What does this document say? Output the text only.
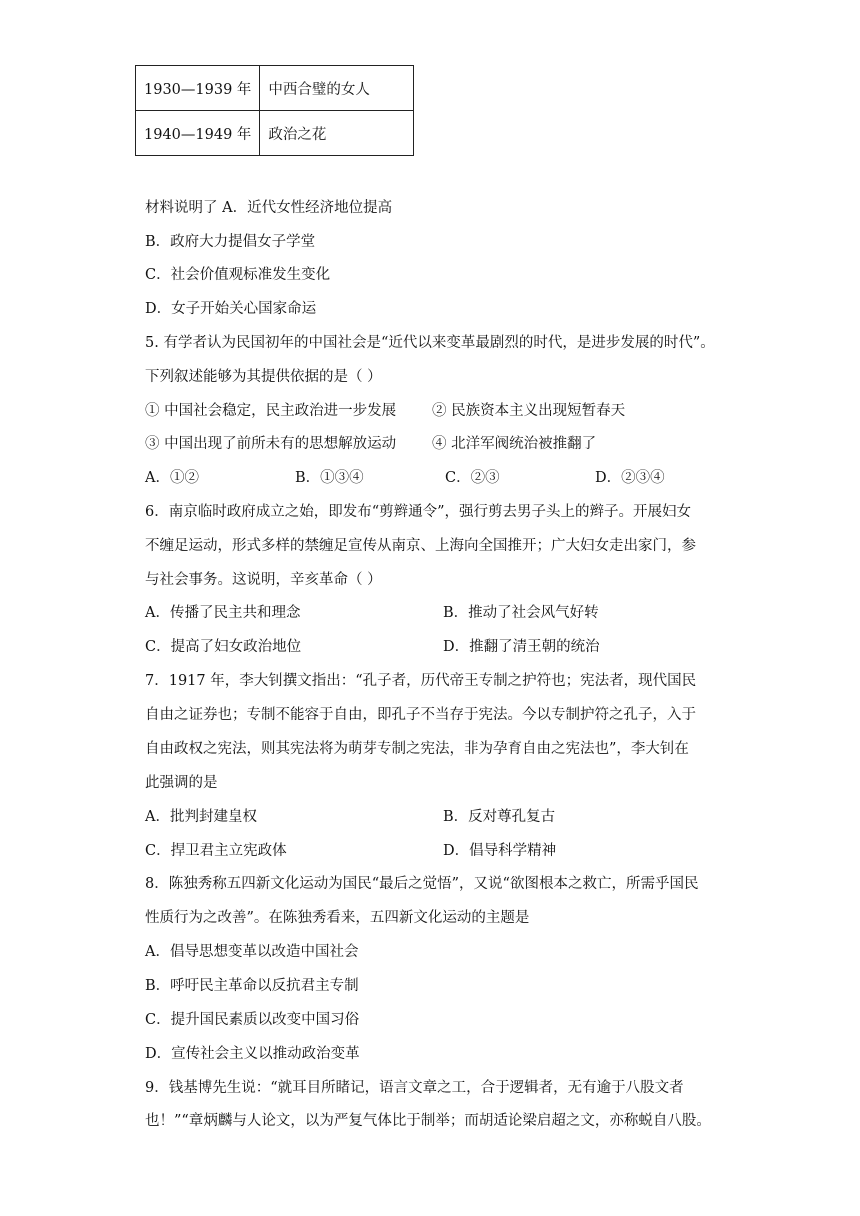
1930—1939 年	中西合璧的女人
1940—1949 年	政治之花
材料说明了 A．近代女性经济地位提高
B．政府大力提倡女子学堂
C．社会价值观标准发生变化
D．女子开始关心国家命运
5. 有学者认为民国初年的中国社会是“近代以来变革最剧烈的时代，是进步发展的时代”。
下列叙述能够为其提供依据的是（ ）
① 中国社会稳定，民主政治进一步发展 ② 民族资本主义出现短暂春天
③ 中国出现了前所未有的思想解放运动 ④ 北洋军阀统治被推翻了
A．①②	B．①③④	C．②③	D．②③④
6．南京临时政府成立之始，即发布“剪辫通令”，强行剪去男子头上的辫子。开展妇女
不缠足运动，形式多样的禁缠足宣传从南京、上海向全国推开；广大妇女走出家门，参
与社会事务。这说明，辛亥革命（ ）
A．传播了民主共和理念	B．推动了社会风气好转
C．提高了妇女政治地位	D．推翻了清王朝的统治
7．1917 年，李大钊撰文指出：“孔子者，历代帝王专制之护符也；宪法者，现代国民
自由之证券也；专制不能容于自由，即孔子不当存于宪法。今以专制护符之孔子，入于
自由政权之宪法，则其宪法将为萌芽专制之宪法，非为孕育自由之宪法也”，李大钊在
此强调的是
A．批判封建皇权	B．反对尊孔复古
C．捍卫君主立宪政体	D．倡导科学精神
8．陈独秀称五四新文化运动为国民“最后之觉悟”，又说“欲图根本之救亡，所需乎国民
性质行为之改善”。在陈独秀看来，五四新文化运动的主题是
A．倡导思想变革以改造中国社会
B．呼吁民主革命以反抗君主专制
C．提升国民素质以改变中国习俗
D．宣传社会主义以推动政治变革
9．钱基博先生说：“就耳目所睹记，语言文章之工，合于逻辑者，无有逾于八股文者
也！”“章炳麟与人论文，以为严复气体比于制举；而胡适论梁启超之文，亦称蜕自八股。
